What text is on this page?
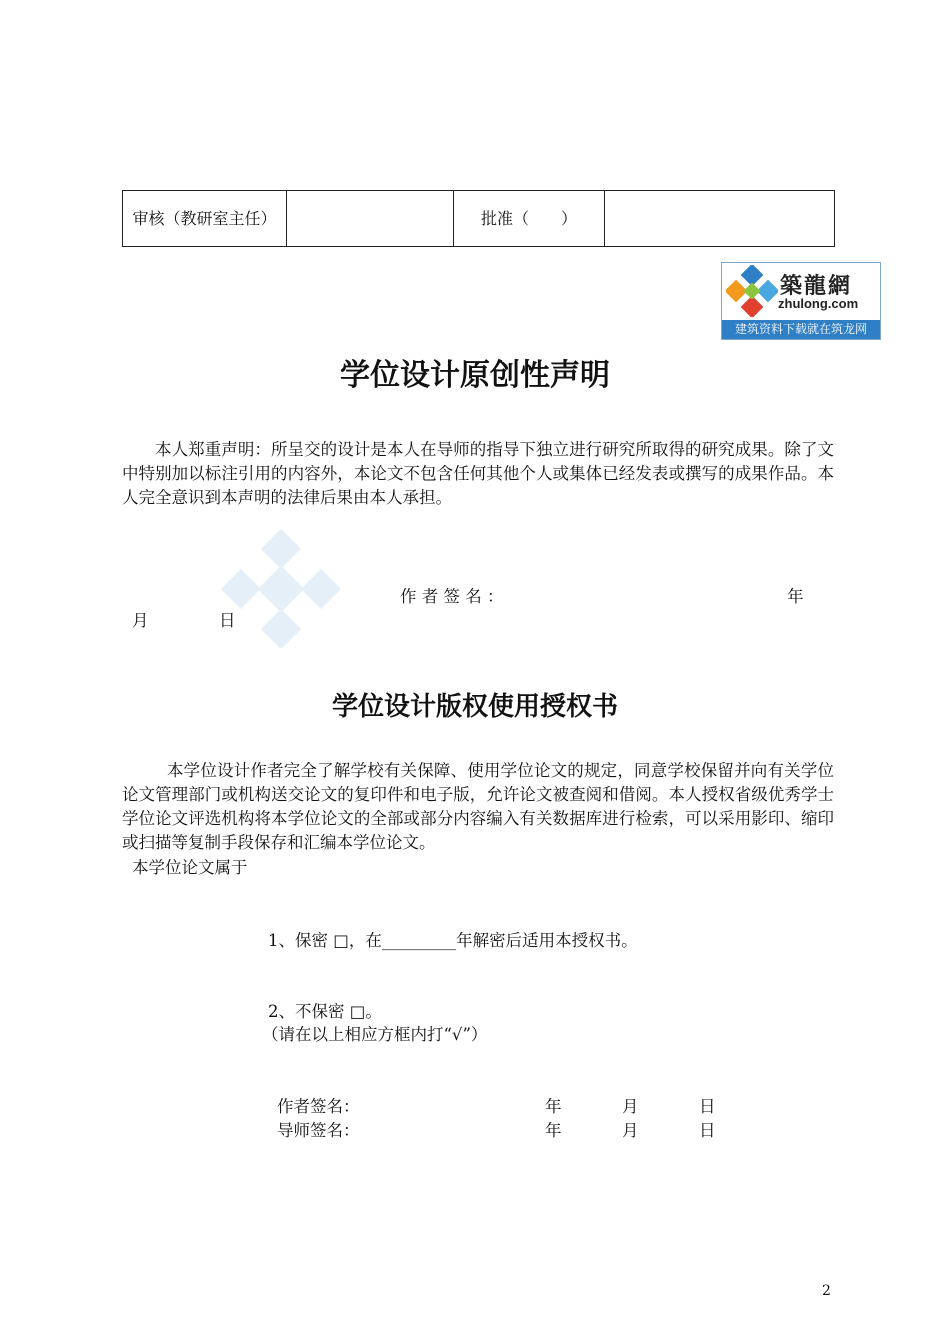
审核（教研室主任）		批准（　　）	
築龍網
zhulong.com
建筑资料下载就在筑龙网
学位设计原创性声明

本人郑重声明：所呈交的设计是本人在导师的指导下独立进行研究所取得的研究成果。除了文中特别加以标注引用的内容外，本论文不包含任何其他个人或集体已经发表或撰写的成果作品。本人完全意识到本声明的法律后果由本人承担。

作 者 签 名 ：	年
月	日
学位设计版权使用授权书

本学位设计作者完全了解学校有关保障、使用学位论文的规定，同意学校保留并向有关学位论文管理部门或机构送交论文的复印件和电子版，允许论文被查阅和借阅。本人授权省级优秀学士学位论文评选机构将本学位论文的全部或部分内容编入有关数据库进行检索，可以采用影印、缩印或扫描等复制手段保存和汇编本学位论文。

本学位论文属于
1、保密 □，在_________年解密后适用本授权书。
2、不保密 □。
（请在以上相应方框内打“√”）
作者签名：	年	月	日
导师签名：	年	月	日
2
